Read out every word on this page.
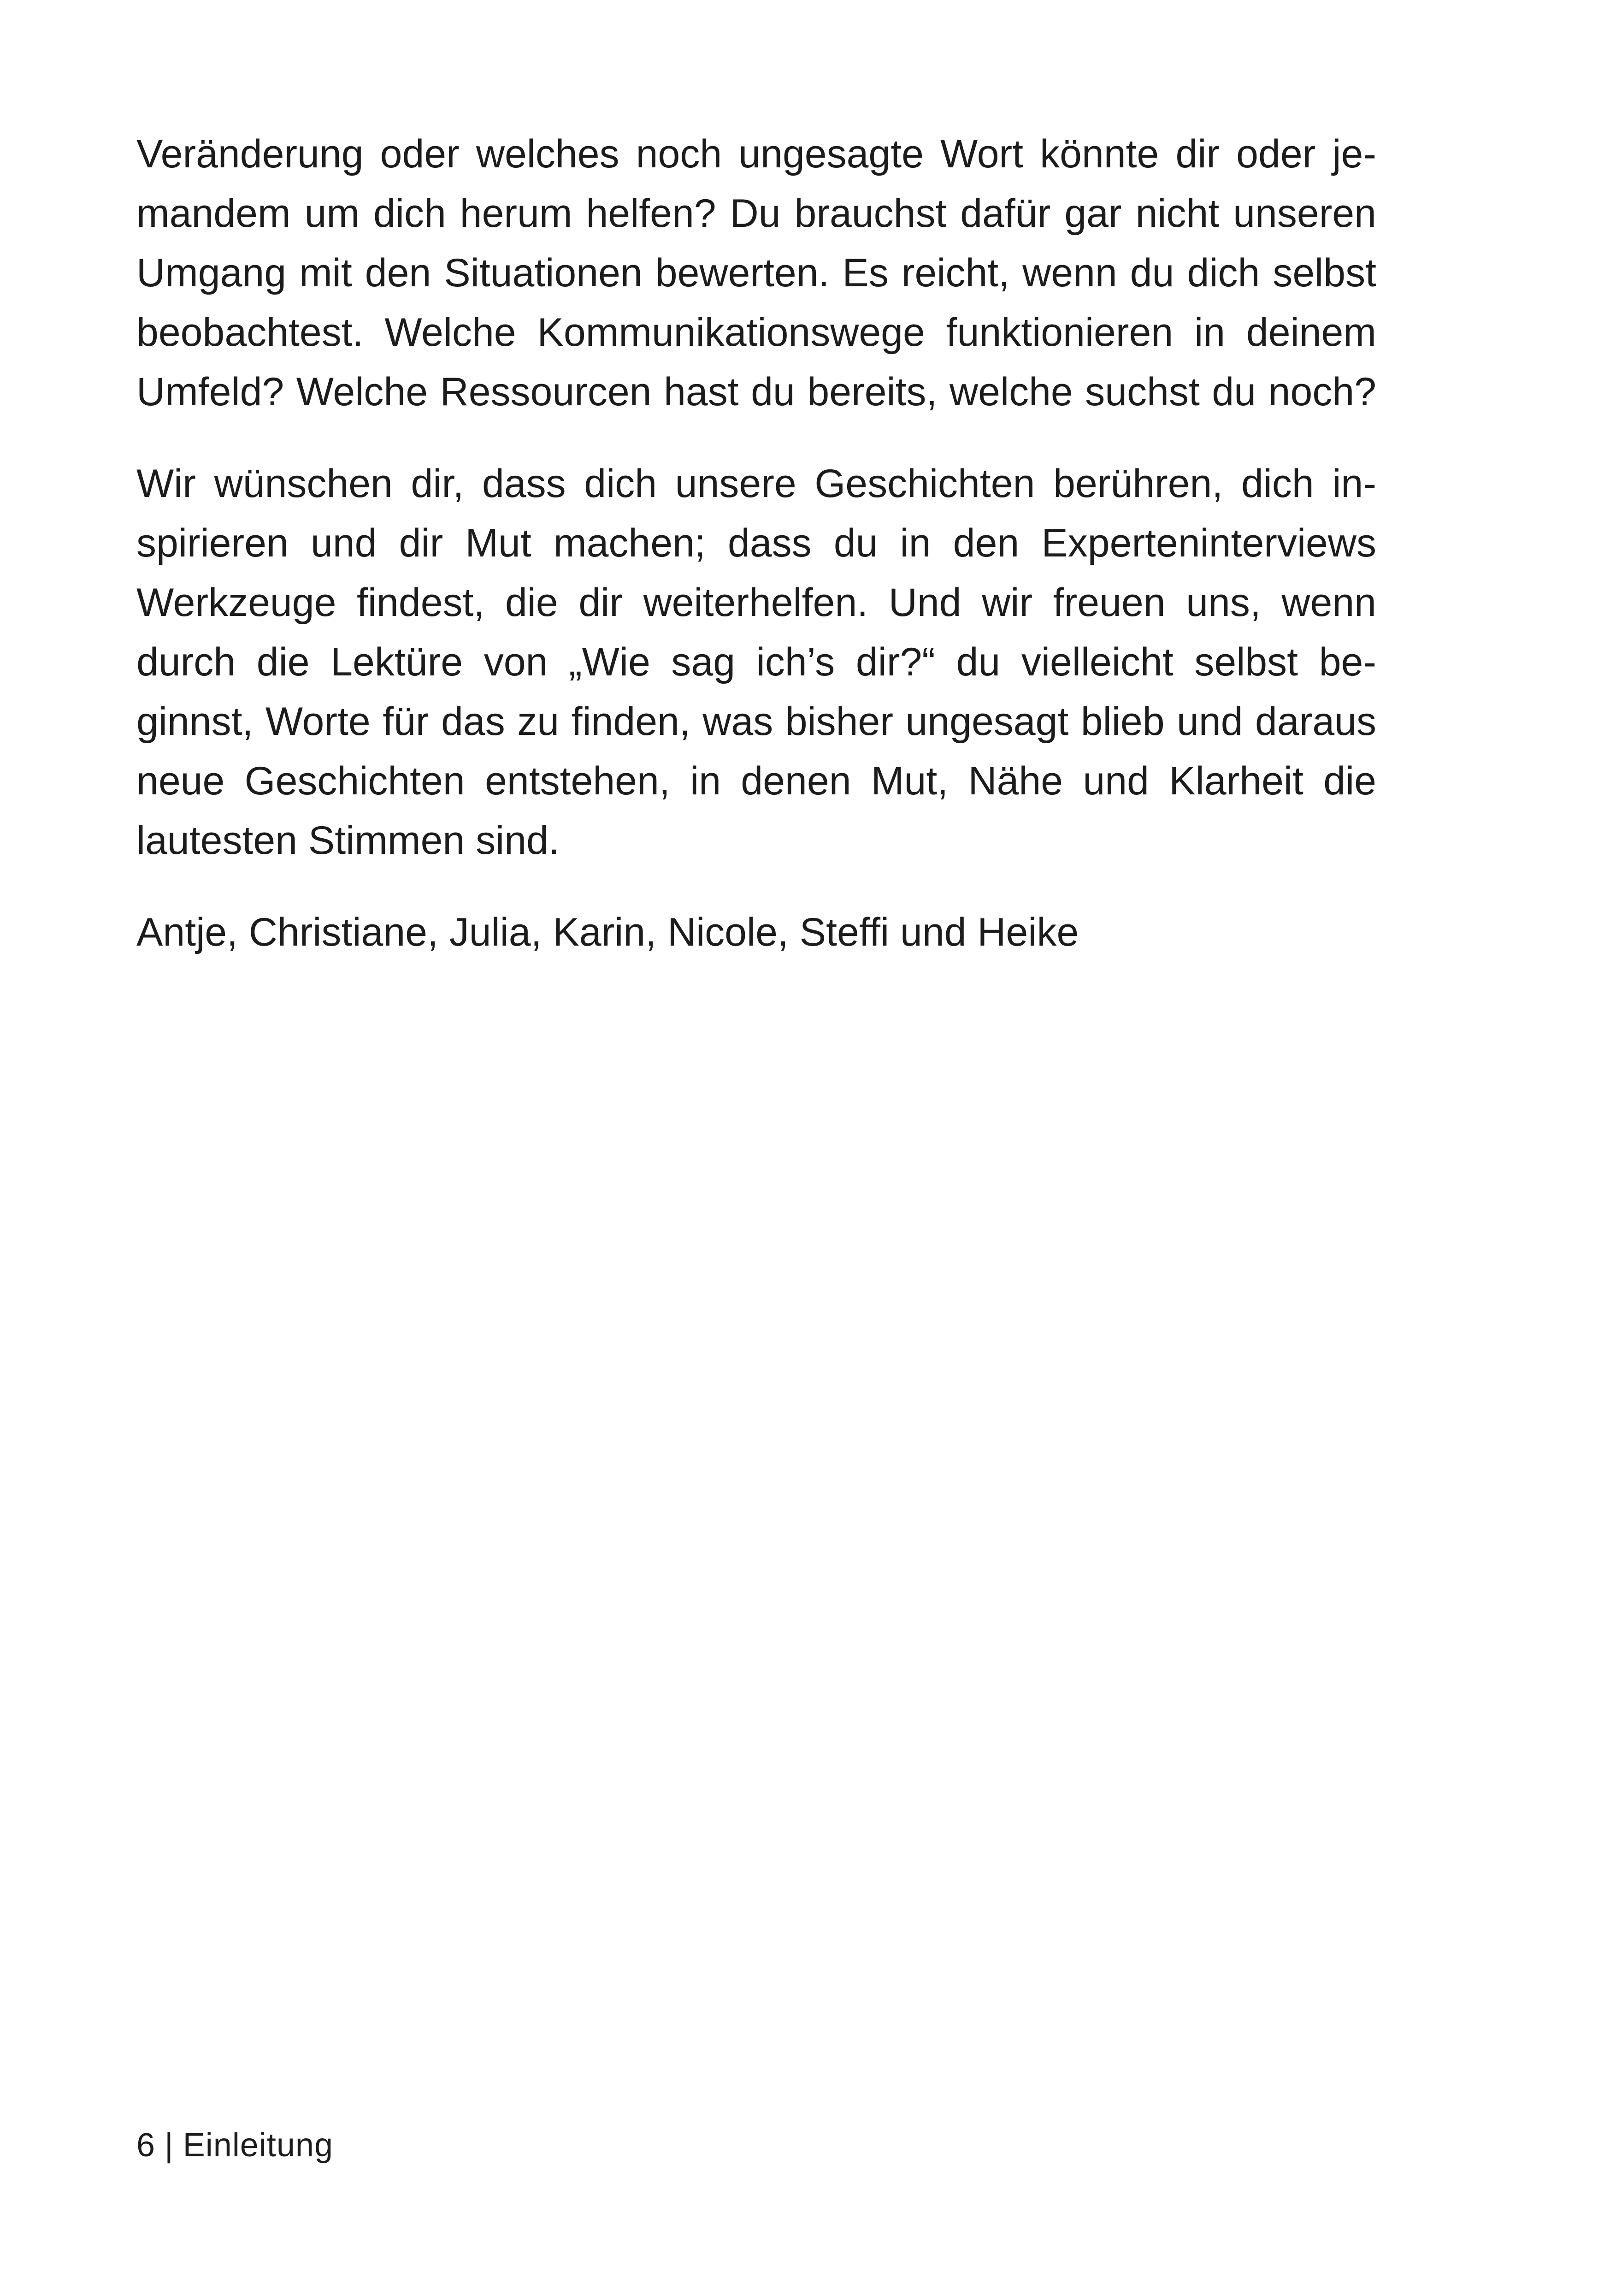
Veränderung oder welches noch ungesagte Wort könnte dir oder je-
mandem um dich herum helfen? Du brauchst dafür gar nicht unseren
Umgang mit den Situationen bewerten. Es reicht, wenn du dich selbst
beobachtest. Welche Kommunikationswege funktionieren in deinem
Umfeld? Welche Ressourcen hast du bereits, welche suchst du noch?

Wir wünschen dir, dass dich unsere Geschichten berühren, dich in-
spirieren und dir Mut machen; dass du in den Experteninterviews
Werkzeuge findest, die dir weiterhelfen. Und wir freuen uns, wenn
durch die Lektüre von „Wie sag ich’s dir?“ du vielleicht selbst be-
ginnst, Worte für das zu finden, was bisher ungesagt blieb und daraus
neue Geschichten entstehen, in denen Mut, Nähe und Klarheit die
lautesten Stimmen sind.

Antje, Christiane, Julia, Karin, Nicole, Steffi und Heike

6 | Einleitung
